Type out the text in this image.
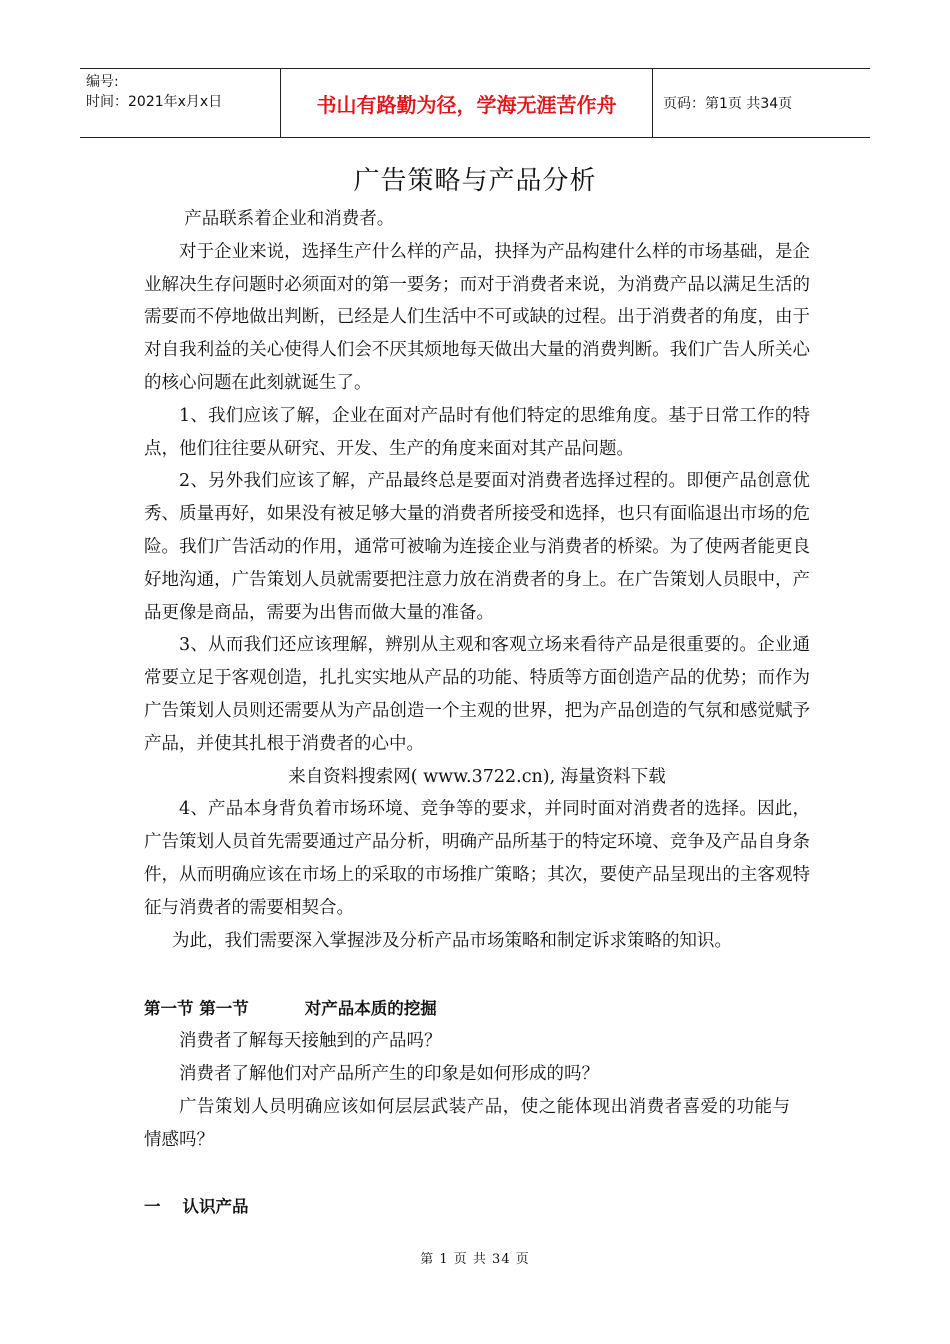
编号:
时间：2021年x月x日	书山有路勤为径，学海无涯苦作舟	页码：第1页 共34页
广告策略与产品分析

产品联系着企业和消费者。

对于企业来说，选择生产什么样的产品，抉择为产品构建什么样的市场基础，是企业解决生存问题时必须面对的第一要务；而对于消费者来说，为消费产品以满足生活的需要而不停地做出判断，已经是人们生活中不可或缺的过程。出于消费者的角度，由于对自我利益的关心使得人们会不厌其烦地每天做出大量的消费判断。我们广告人所关心的核心问题在此刻就诞生了。

1、我们应该了解，企业在面对产品时有他们特定的思维角度。基于日常工作的特点，他们往往要从研究、开发、生产的角度来面对其产品问题。

2、另外我们应该了解，产品最终总是要面对消费者选择过程的。即便产品创意优秀、质量再好，如果没有被足够大量的消费者所接受和选择，也只有面临退出市场的危险。我们广告活动的作用，通常可被喻为连接企业与消费者的桥梁。为了使两者能更良好地沟通，广告策划人员就需要把注意力放在消费者的身上。在广告策划人员眼中，产品更像是商品，需要为出售而做大量的准备。

3、从而我们还应该理解，辨别从主观和客观立场来看待产品是很重要的。企业通常要立足于客观创造，扎扎实实地从产品的功能、特质等方面创造产品的优势；而作为广告策划人员则还需要从为产品创造一个主观的世界，把为产品创造的气氛和感觉赋予产品，并使其扎根于消费者的心中。

来自资料搜索网( www.3722.cn), 海量资料下载

4、产品本身背负着市场环境、竞争等的要求，并同时面对消费者的选择。因此，广告策划人员首先需要通过产品分析，明确产品所基于的特定环境、竞争及产品自身条件，从而明确应该在市场上的采取的市场推广策略；其次，要使产品呈现出的主客观特征与消费者的需要相契合。

为此，我们需要深入掌握涉及分析产品市场策略和制定诉求策略的知识。

第一节 第一节	对产品本质的挖掘

消费者了解每天接触到的产品吗？

消费者了解他们对产品所产生的印象是如何形成的吗？

广告策划人员明确应该如何层层武装产品，使之能体现出消费者喜爱的功能与情感吗？

一 认识产品

第 1 页 共 34 页
